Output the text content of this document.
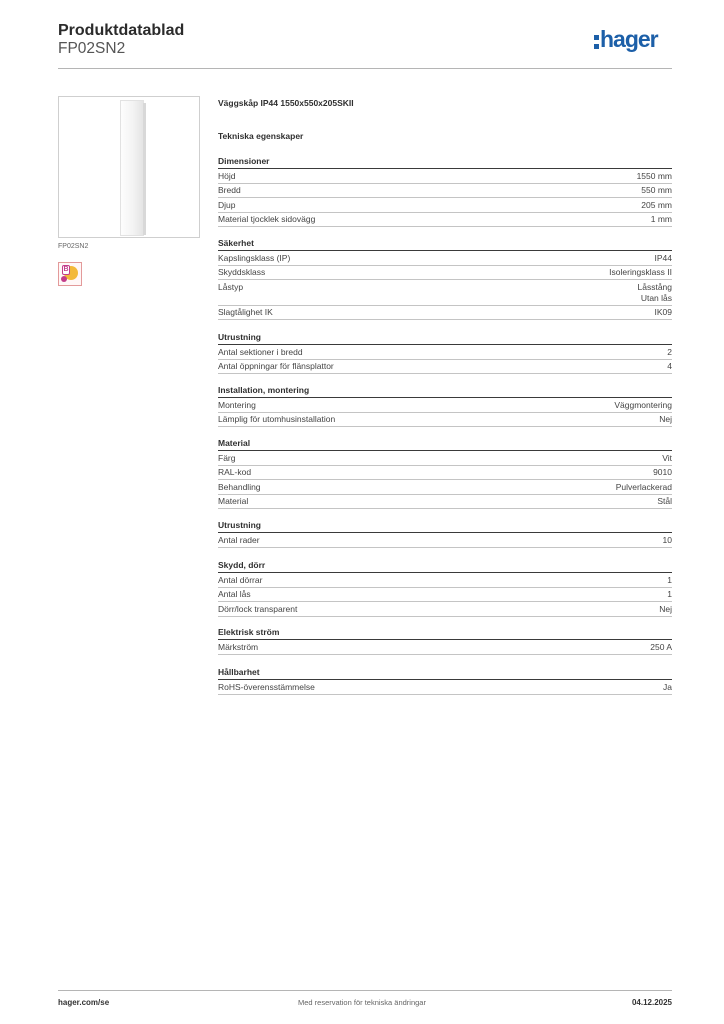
Produktdatablad
FP02SN2	hager
FP02SN2
B
Väggskåp IP44 1550x550x205SKII
Tekniska egenskaper
Dimensioner
Höjd	1550 mm
Bredd	550 mm
Djup	205 mm
Material tjocklek sidovägg	1 mm
Säkerhet
Kapslingsklass (IP)	IP44
Skyddsklass	Isoleringsklass II
Låstyp	Låsstång
Utan lås
Slagtålighet IK	IK09
Utrustning
Antal sektioner i bredd	2
Antal öppningar för flänsplattor	4
Installation, montering
Montering	Väggmontering
Lämplig för utomhusinstallation	Nej
Material
Färg	Vit
RAL-kod	9010
Behandling	Pulverlackerad
Material	Stål
Utrustning
Antal rader	10
Skydd, dörr
Antal dörrar	1
Antal lås	1
Dörr/lock transparent	Nej
Elektrisk ström
Märkström	250 A
Hållbarhet
RoHS-överensstämmelse	Ja
hager.com/se	Med reservation för tekniska ändringar	04.12.2025
